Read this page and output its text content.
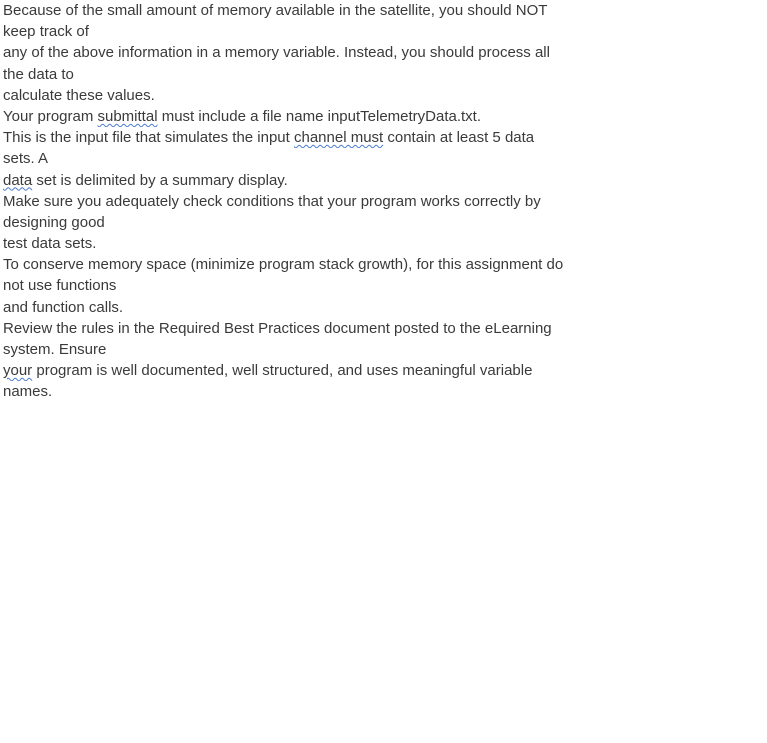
Because of the small amount of memory available in the satellite, you should NOT
keep track of
any of the above information in a memory variable. Instead, you should process all
the data to
calculate these values.
Your program submittal must include a file name inputTelemetryData.txt.
This is the input file that simulates the input channel must contain at least 5 data
sets. A
data set is delimited by a summary display.
Make sure you adequately check conditions that your program works correctly by
designing good
test data sets.
To conserve memory space (minimize program stack growth), for this assignment do
not use functions
and function calls.
Review the rules in the Required Best Practices document posted to the eLearning
system. Ensure
your program is well documented, well structured, and uses meaningful variable
names.
